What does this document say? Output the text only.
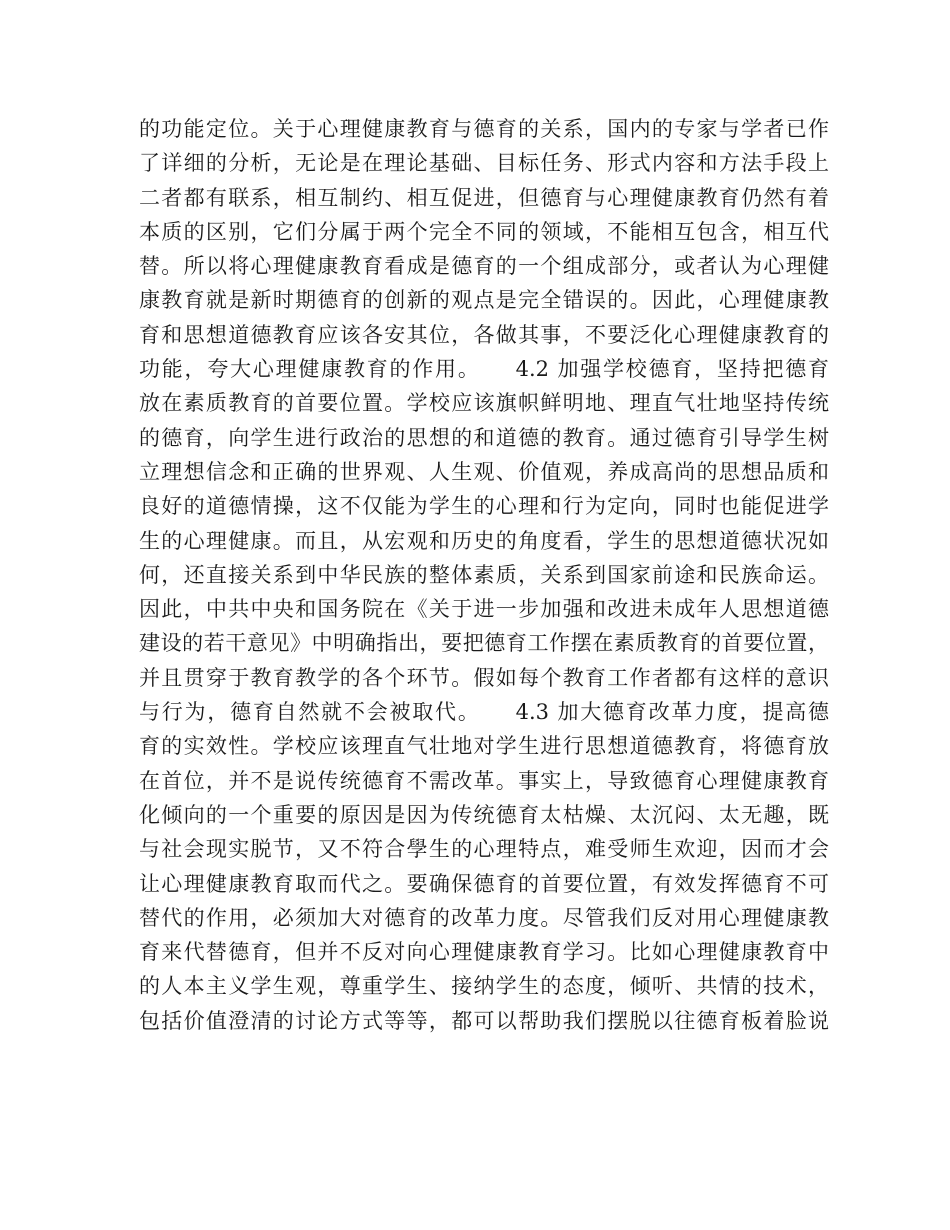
的功能定位。关于心理健康教育与德育的关系，国内的专家与学者已作
了详细的分析，无论是在理论基础、目标任务、形式内容和方法手段上
二者都有联系，相互制约、相互促进，但德育与心理健康教育仍然有着
本质的区别，它们分属于两个完全不同的领域，不能相互包含，相互代
替。所以将心理健康教育看成是德育的一个组成部分，或者认为心理健
康教育就是新时期德育的创新的观点是完全错误的。因此，心理健康教
育和思想道德教育应该各安其位，各做其事，不要泛化心理健康教育的
功能，夸大心理健康教育的作用。　　4.2 加强学校德育，坚持把德育
放在素质教育的首要位置。学校应该旗帜鲜明地、理直气壮地坚持传统
的德育，向学生进行政治的思想的和道德的教育。通过德育引导学生树
立理想信念和正确的世界观、人生观、价值观，养成高尚的思想品质和
良好的道德情操，这不仅能为学生的心理和行为定向，同时也能促进学
生的心理健康。而且，从宏观和历史的角度看，学生的思想道德状况如
何，还直接关系到中华民族的整体素质，关系到国家前途和民族命运。
因此，中共中央和国务院在《关于进一步加强和改进未成年人思想道德
建设的若干意见》中明确指出，要把德育工作摆在素质教育的首要位置，
并且贯穿于教育教学的各个环节。假如每个教育工作者都有这样的意识
与行为，德育自然就不会被取代。　　4.3 加大德育改革力度，提高德
育的实效性。学校应该理直气壮地对学生进行思想道德教育，将德育放
在首位，并不是说传统德育不需改革。事实上，导致德育心理健康教育
化倾向的一个重要的原因是因为传统德育太枯燥、太沉闷、太无趣，既
与社会现实脱节，又不符合學生的心理特点，难受师生欢迎，因而才会
让心理健康教育取而代之。要确保德育的首要位置，有效发挥德育不可
替代的作用，必须加大对德育的改革力度。尽管我们反对用心理健康教
育来代替德育，但并不反对向心理健康教育学习。比如心理健康教育中
的人本主义学生观，尊重学生、接纳学生的态度，倾听、共情的技术，
包括价值澄清的讨论方式等等，都可以帮助我们摆脱以往德育板着脸说
